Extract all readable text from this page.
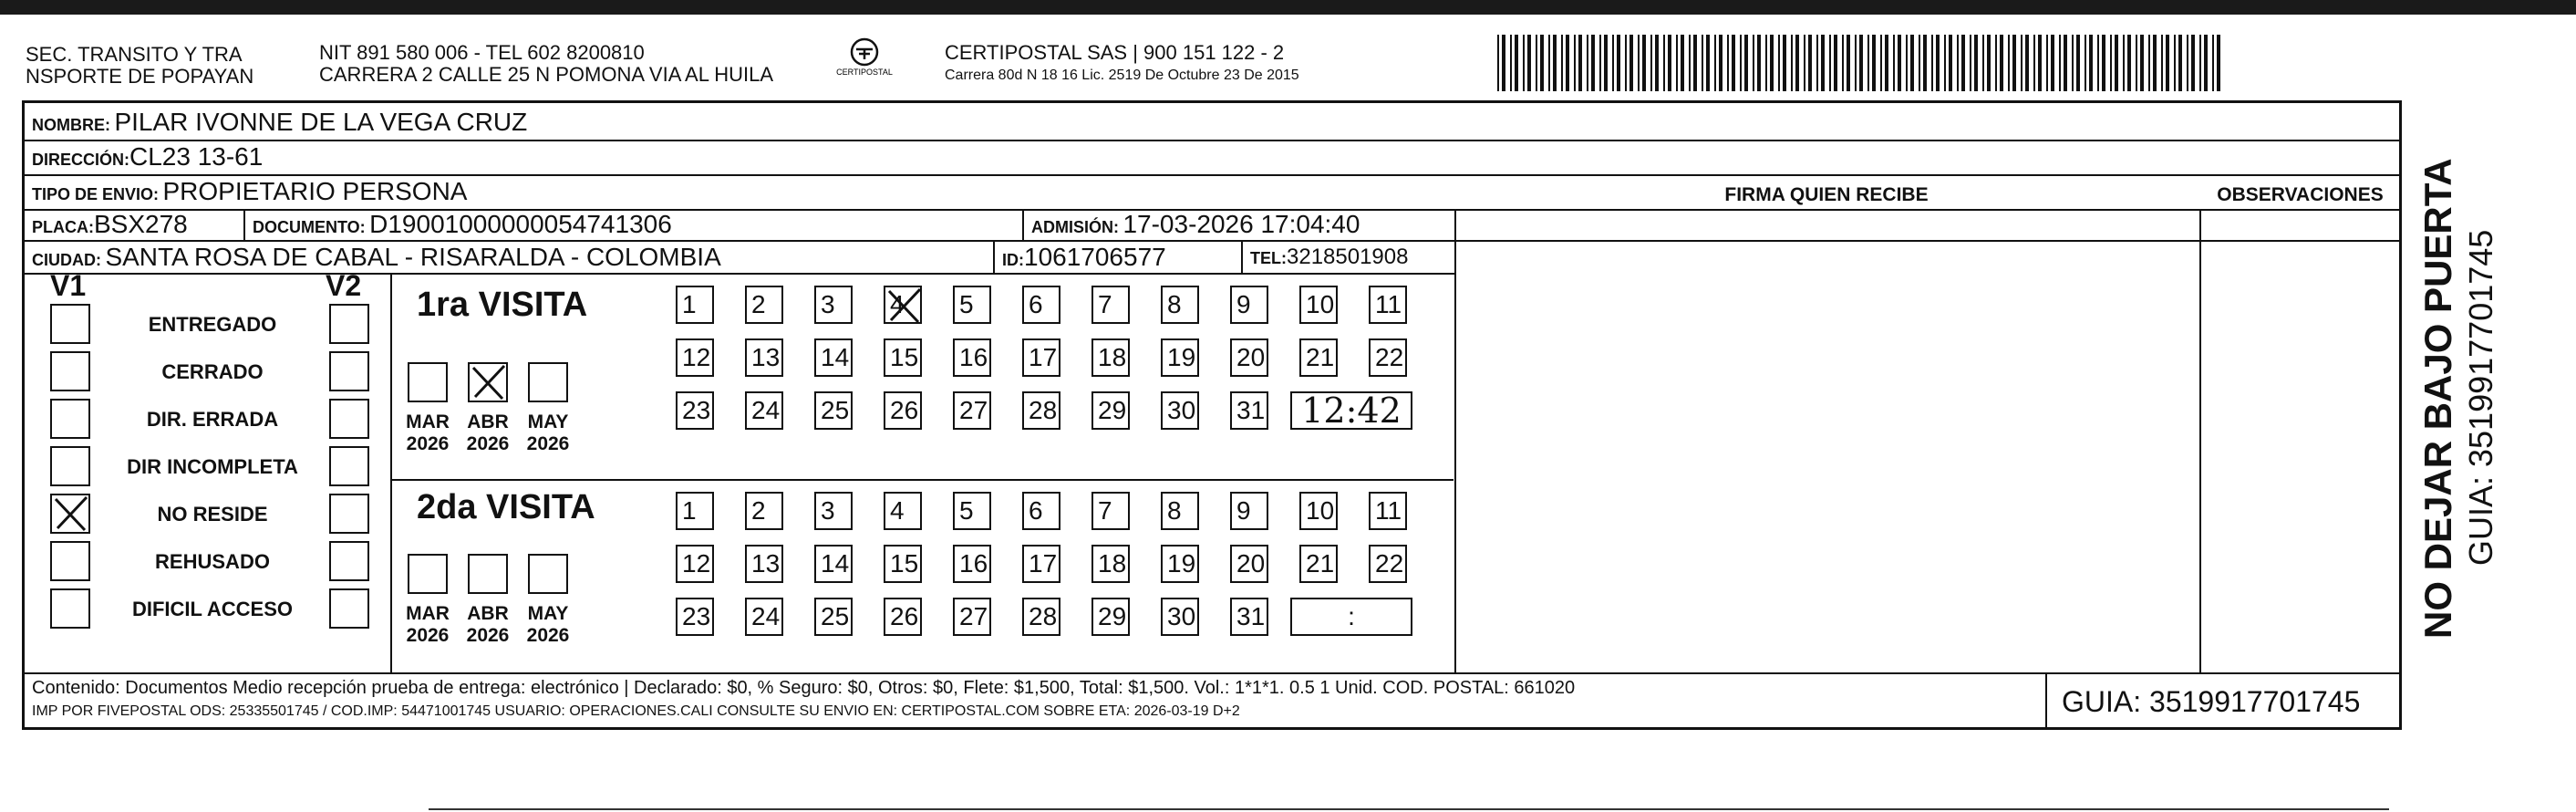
SEC. TRANSITO Y TRA
NSPORTE DE POPAYAN
NIT 891 580 006 - TEL 602 8200810
CARRERA 2 CALLE 25 N POMONA VIA AL HUILA	CERTIPOSTAL
CERTIPOSTAL SAS | 900 151 122 - 2
Carrera 80d N 18 16 Lic. 2519 De Octubre 23 De 2015
NOMBRE: PILAR IVONNE DE LA VEGA CRUZ
DIRECCIÓN:CL23 13-61
TIPO DE ENVIO: PROPIETARIO PERSONA	FIRMA QUIEN RECIBE	OBSERVACIONES
PLACA:BSX278	DOCUMENTO: D19001000000054741306	ADMISIÓN: 17-03-2026 17:04:40
CIUDAD: SANTA ROSA DE CABAL - RISARALDA - COLOMBIA	ID:1061706577	TEL:3218501908
V1	V2
ENTREGADO
CERRADO
DIR. ERRADA
DIR INCOMPLETA
NO RESIDE
REHUSADO
DIFICIL ACCESO
1ra VISITA
MAR
2026
ABR
2026
MAY
2026
1	2	3	4	5	6	7	8	9	10 11
12 13 14 15 16 17 18 19 20 21 22
23 24 25 26 27 28 29 30 31	12:42
2da VISITA
MAR
2026
ABR
2026
MAY
2026
1	2	3	4	5	6	7	8	9	10 11
12 13 14 15 16 17 18 19 20 21 22
23 24 25 26 27 28 29 30 31	:
Contenido: Documentos Medio recepción prueba de entrega: electrónico | Declarado: $0, % Seguro: $0, Otros: $0, Flete: $1,500, Total: $1,500. Vol.: 1*1*1. 0.5 1 Unid. COD. POSTAL: 661020
IMP POR FIVEPOSTAL ODS: 25335501745 / COD.IMP: 54471001745 USUARIO: OPERACIONES.CALI CONSULTE SU ENVIO EN: CERTIPOSTAL.COM SOBRE ETA: 2026-03-19 D+2	GUIA: 3519917701745
NO DEJAR BAJO PUERTA GUIA: 3519917701745
